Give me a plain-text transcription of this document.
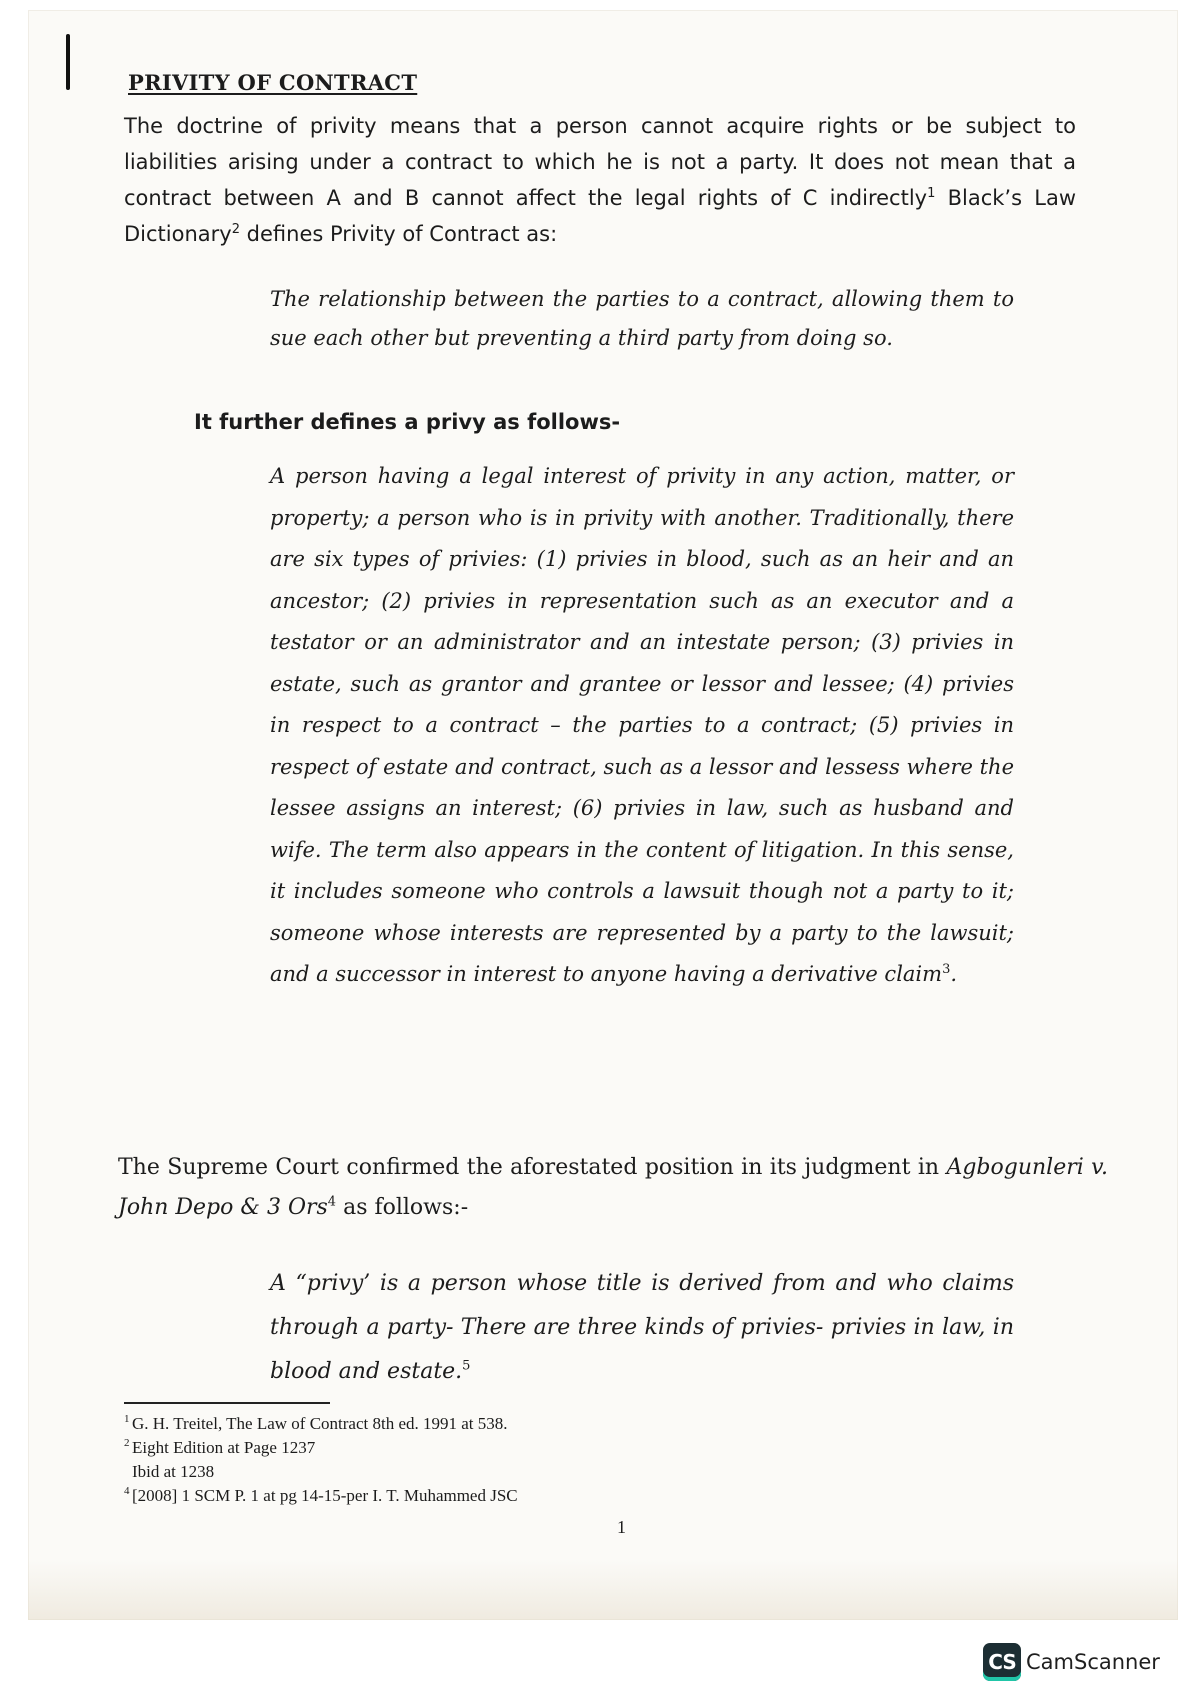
PRIVITY OF CONTRACT

The doctrine of privity means that a person cannot acquire rights or be subject to liabilities arising under a contract to which he is not a party. It does not mean that a contract between A and B cannot affect the legal rights of C indirectly$^1$ Black’s Law Dictionary$^2$ defines Privity of Contract as:

The relationship between the parties to a contract, allowing them to sue each other but preventing a third party from doing so.

It further defines a privy as follows-

A person having a legal interest of privity in any action, matter, or property; a person who is in privity with another. Traditionally, there are six types of privies: (1) privies in blood, such as an heir and an ancestor; (2) privies in representation such as an executor and a testator or an administrator and an intestate person; (3) privies in estate, such as grantor and grantee or lessor and lessee; (4) privies in respect to a contract – the parties to a contract; (5) privies in respect of estate and contract, such as a lessor and lessess where the lessee assigns an interest; (6) privies in law, such as husband and wife. The term also appears in the content of litigation. In this sense, it includes someone who controls a lawsuit though not a party to it; someone whose interests are represented by a party to the lawsuit; and a successor in interest to anyone having a derivative claim$^3$.

The Supreme Court confirmed the aforestated position in its judgment in Agbogunleri v. John Depo & 3 Ors$^4$ as follows:-

A “privy’ is a person whose title is derived from and who claims through a party- There are three kinds of privies- privies in law, in blood and estate.$^5$

1 G. H. Treitel, The Law of Contract 8th ed. 1991 at 538.
2 Eight Edition at Page 1237
Ibid at 1238
4 [2008] 1 SCM P. 1 at pg 14-15-per I. T. Muhammed JSC

1

CS CamScanner
